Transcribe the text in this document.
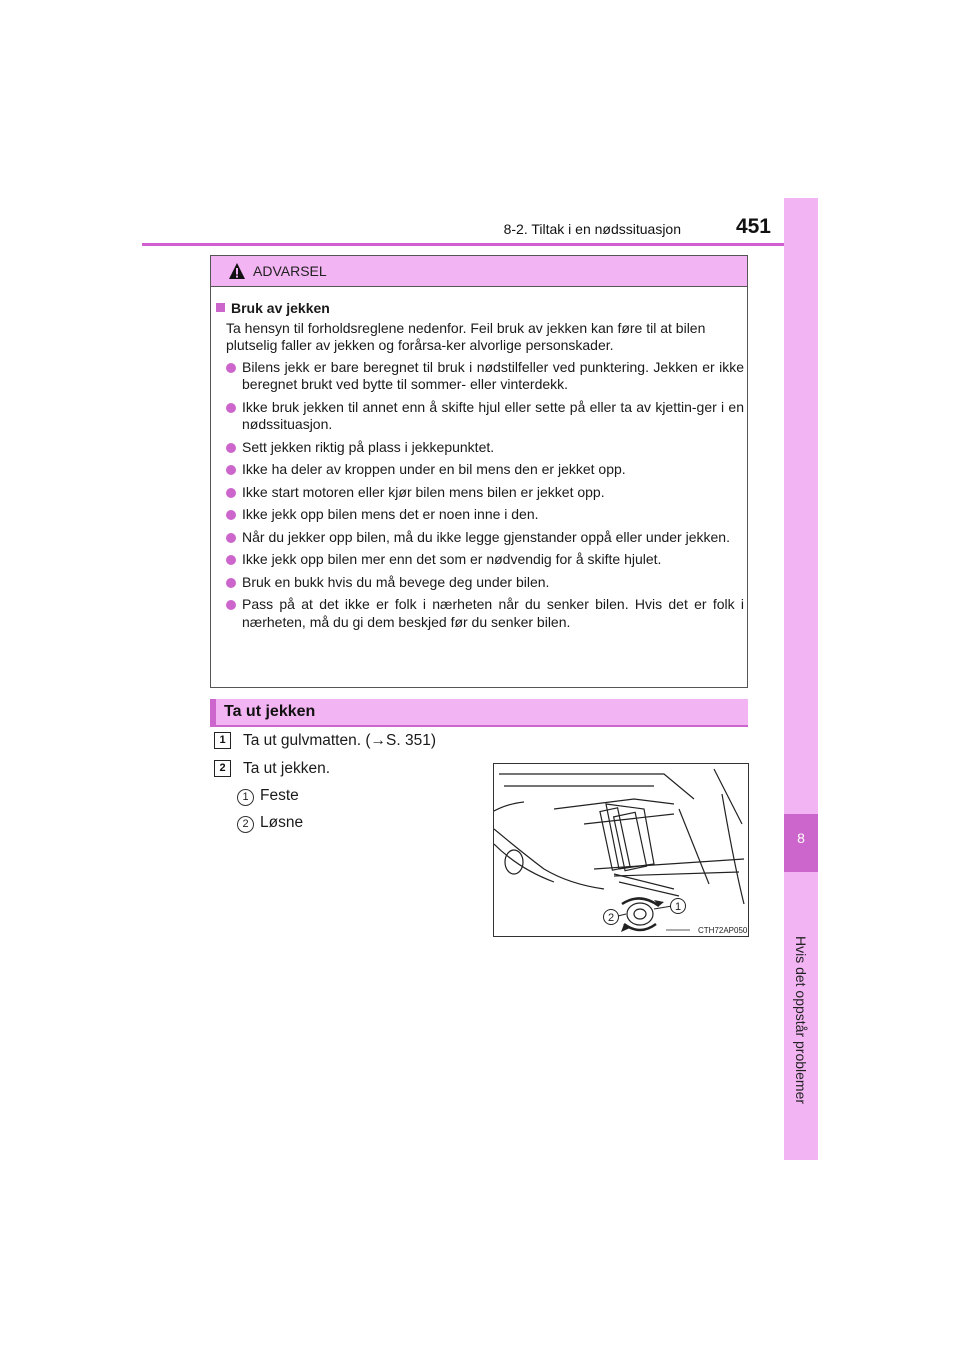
8-2. Tiltak i en nødssituasjon	451
8
Hvis det oppstår problemer
ADVARSEL
Bruk av jekken
Ta hensyn til forholdsreglene nedenfor. Feil bruk av jekken kan føre til at bilen plutselig faller av jekken og forårsa-ker alvorlige personskader.
Bilens jekk er bare beregnet til bruk i nødstilfeller ved punktering. Jekken er ikke beregnet brukt ved bytte til sommer- eller vinterdekk.
Ikke bruk jekken til annet enn å skifte hjul eller sette på eller ta av kjettin-ger i en nødssituasjon.
Sett jekken riktig på plass i jekkepunktet.
Ikke ha deler av kroppen under en bil mens den er jekket opp.
Ikke start motoren eller kjør bilen mens bilen er jekket opp.
Ikke jekk opp bilen mens det er noen inne i den.
Når du jekker opp bilen, må du ikke legge gjenstander oppå eller under jekken.
Ikke jekk opp bilen mer enn det som er nødvendig for å skifte hjulet.
Bruk en bukk hvis du må bevege deg under bilen.
Pass på at det ikke er folk i nærheten når du senker bilen. Hvis det er folk i nærheten, må du gi dem beskjed før du senker bilen.
Ta ut jekken
1	Ta ut gulvmatten. (→S. 351)
2	Ta ut jekken.
1 Feste
2 Løsne
1
2
CTH72AP050
